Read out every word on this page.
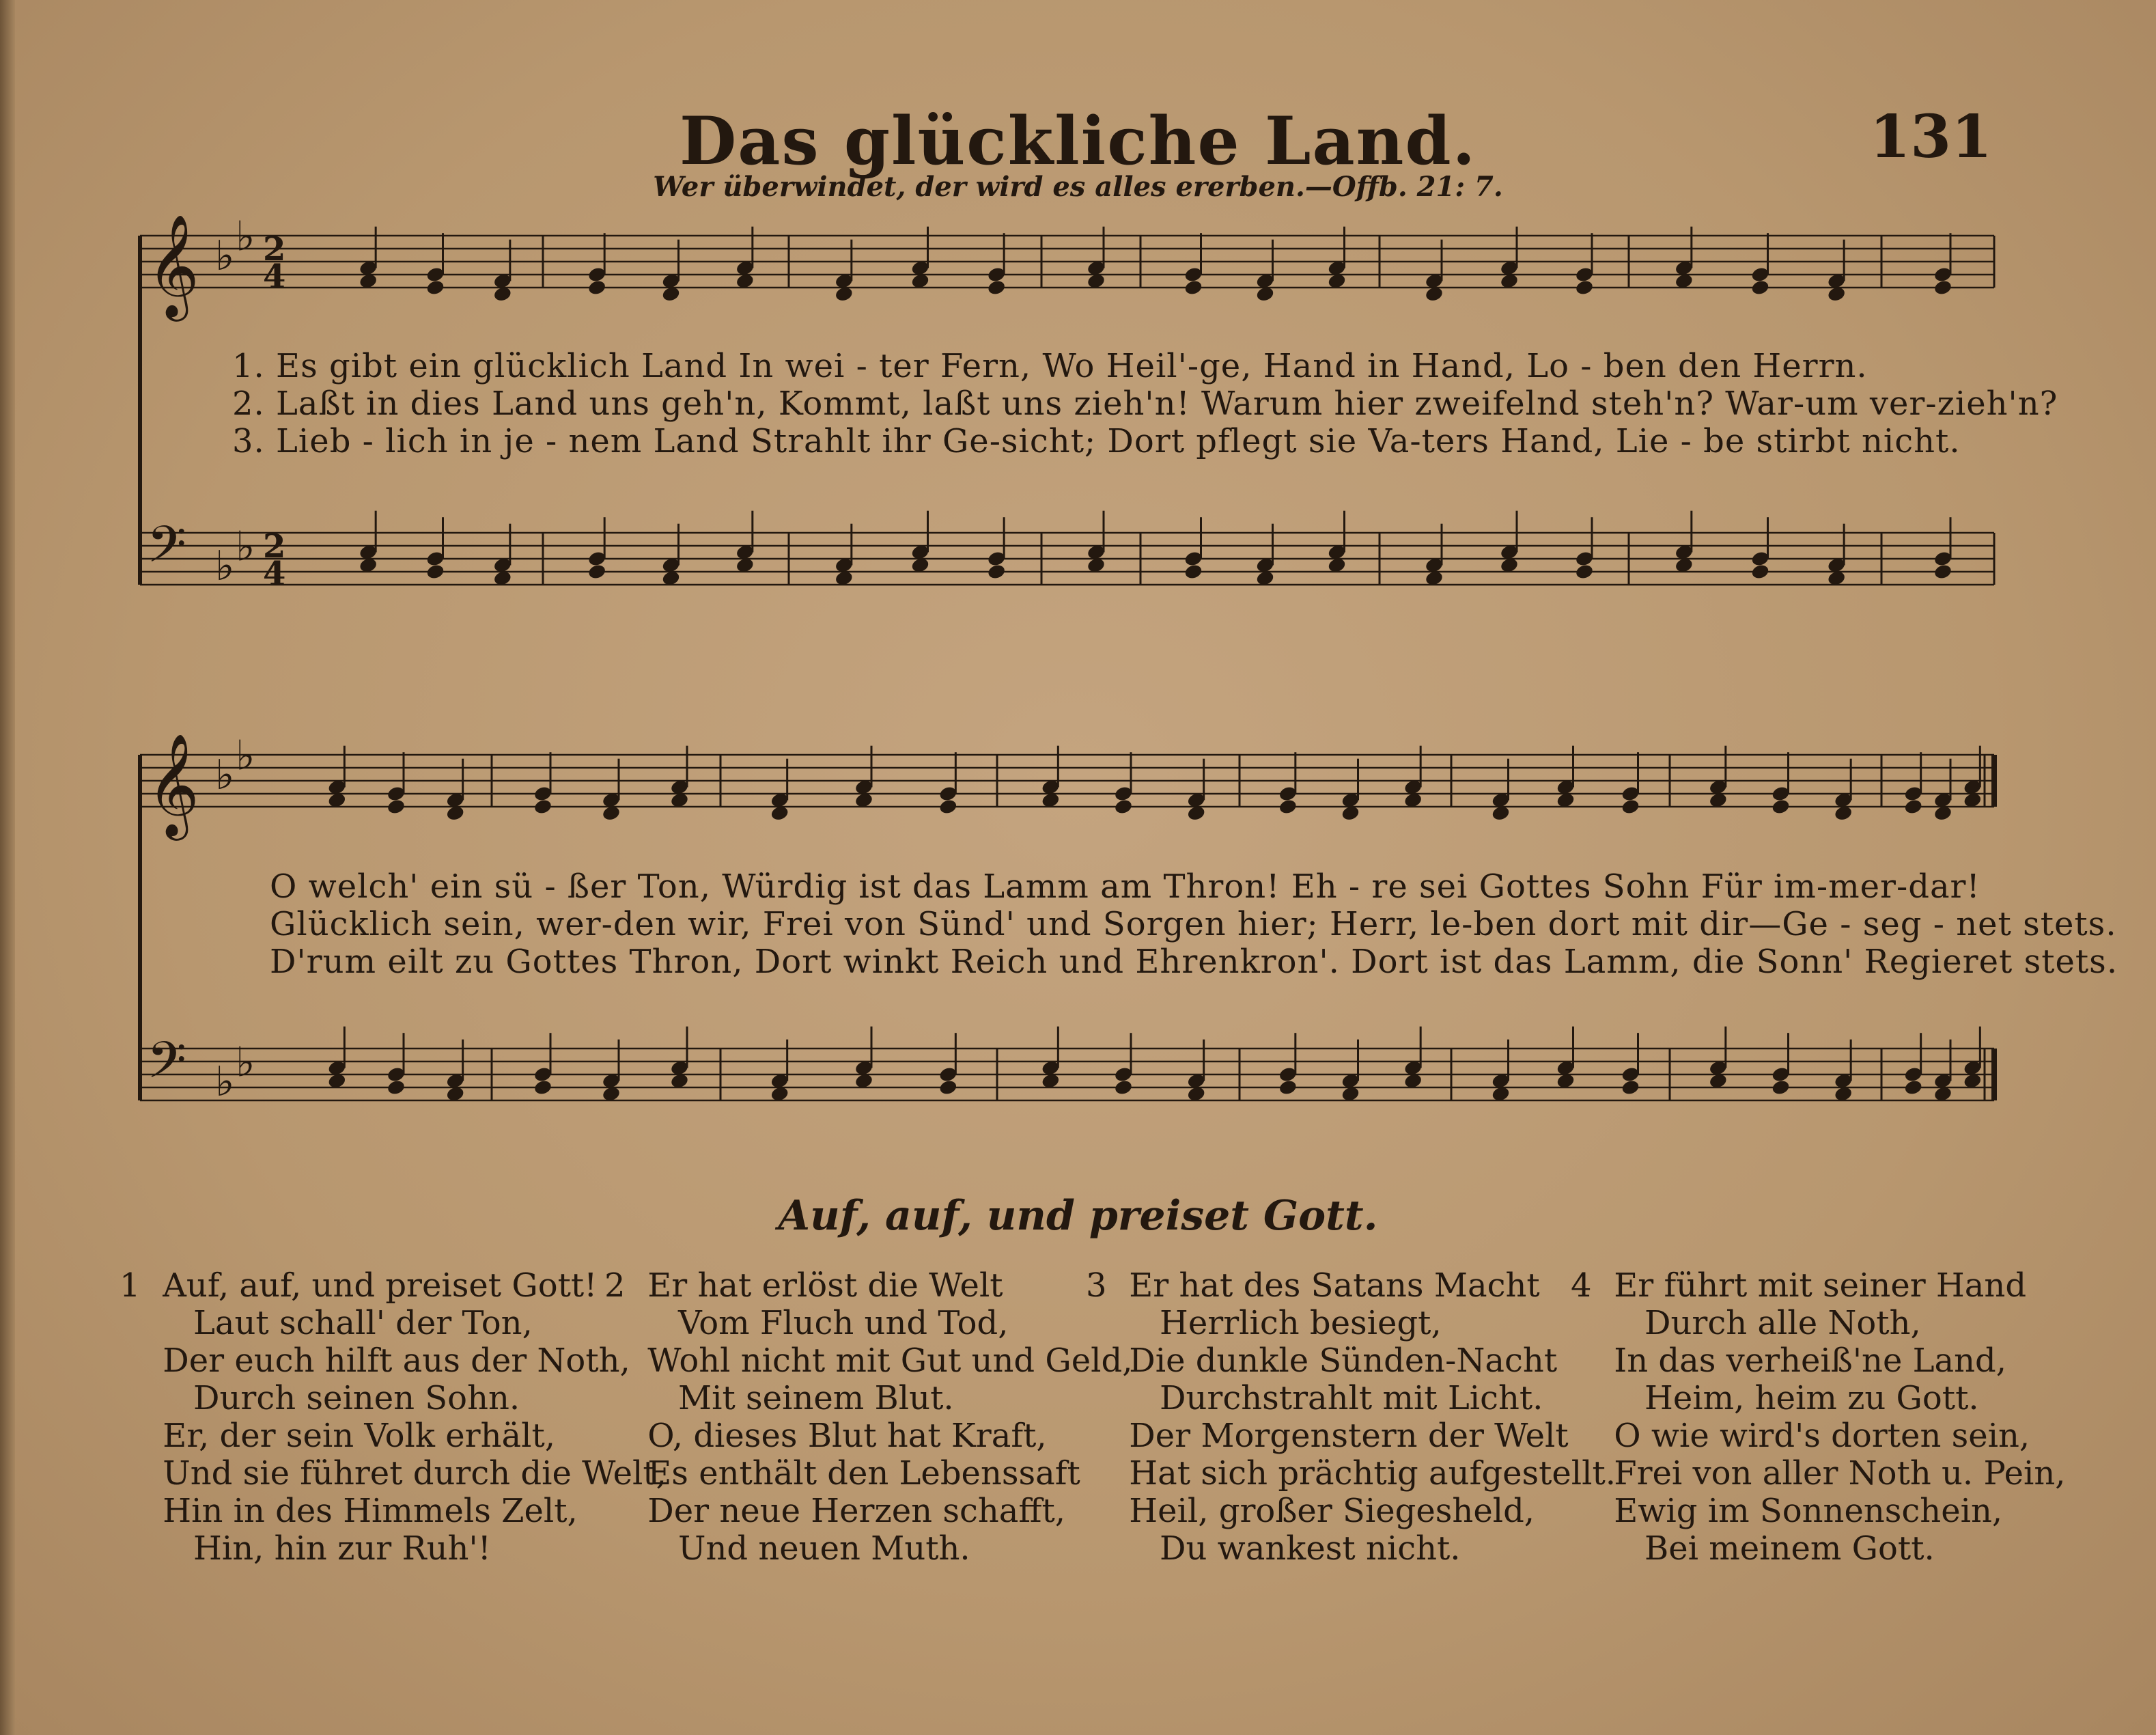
Das glückliche Land.	131
Wer überwindet, der wird es alles ererben.—Offb. 21: 7.
𝄞 ♭ ♭
𝄢 ♭ ♭
𝄞 ♭ ♭
𝄢 ♭ ♭
2
4
2
4
1. Es gibt ein glücklich Land In wei - ter Fern, Wo Heil'-ge, Hand in Hand, Lo - ben den Herrn.
2. Laßt in dies Land uns geh'n, Kommt, laßt uns zieh'n! Warum hier zweifelnd steh'n? War-um ver-zieh'n?
3. Lieb - lich in je - nem Land Strahlt ihr Ge-sicht; Dort pflegt sie Va-ters Hand, Lie - be stirbt nicht.
O welch' ein sü - ßer Ton, Würdig ist das Lamm am Thron! Eh - re sei Gottes Sohn Für im-mer-dar!
Glücklich sein, wer-den wir, Frei von Sünd' und Sorgen hier; Herr, le-ben dort mit dir—Ge - seg - net stets.
D'rum eilt zu Gottes Thron, Dort winkt Reich und Ehrenkron'. Dort ist das Lamm, die Sonn' Regieret stets.
Auf, auf, und preiset Gott.
1 Auf, auf, und preiset Gott!
Laut schall' der Ton,
Der euch hilft aus der Noth,
Durch seinen Sohn.
Er, der sein Volk erhält,
Und sie führet durch die Welt,
Hin in des Himmels Zelt,
Hin, hin zur Ruh'!
2 Er hat erlöst die Welt
Vom Fluch und Tod,
Wohl nicht mit Gut und Geld,
Mit seinem Blut.
O, dieses Blut hat Kraft,
Es enthält den Lebenssaft
Der neue Herzen schafft,
Und neuen Muth.
3 Er hat des Satans Macht
Herrlich besiegt,
Die dunkle Sünden-Nacht
Durchstrahlt mit Licht.
Der Morgenstern der Welt
Hat sich prächtig aufgestellt.
Heil, großer Siegesheld,
Du wankest nicht.
4 Er führt mit seiner Hand
Durch alle Noth,
In das verheiß'ne Land,
Heim, heim zu Gott.
O wie wird's dorten sein,
Frei von aller Noth u. Pein,
Ewig im Sonnenschein,
Bei meinem Gott.
